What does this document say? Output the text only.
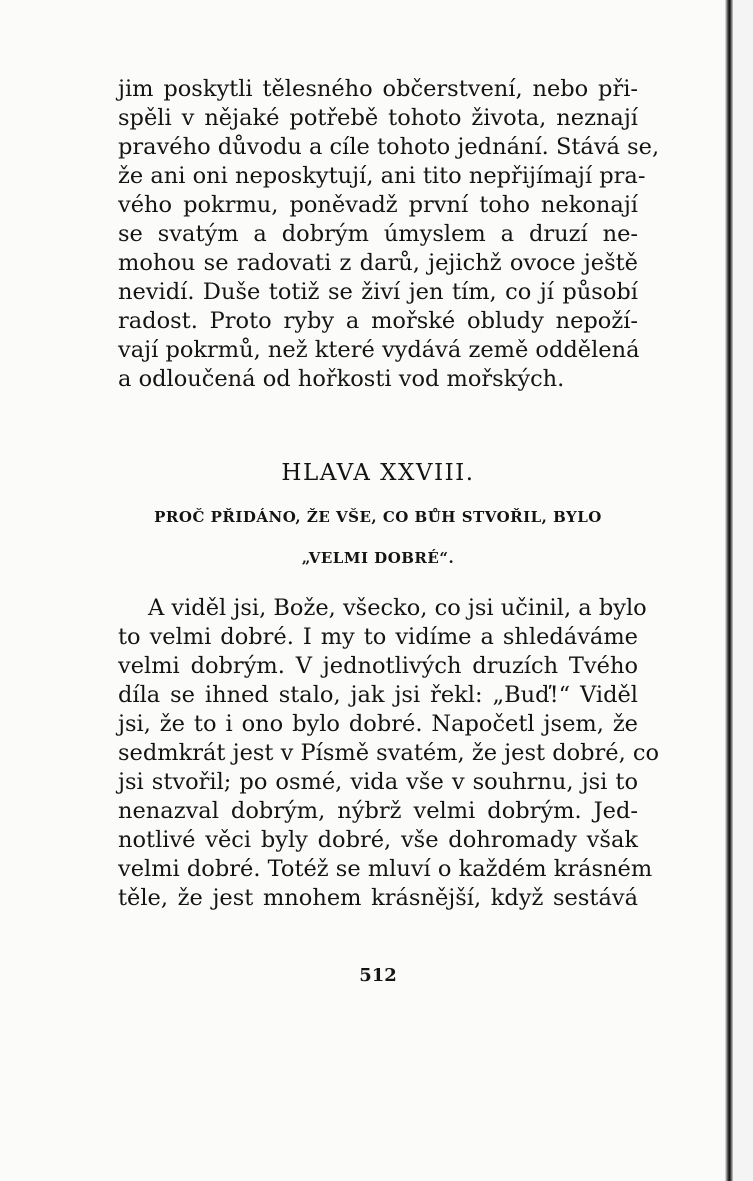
jim poskytli tělesného občerstvení, nebo při-
spěli v nějaké potřebě tohoto života, neznají
pravého důvodu a cíle tohoto jednání. Stává se,
že ani oni neposkytují, ani tito nepřijímají pra-
vého pokrmu, poněvadž první toho nekonají
se svatým a dobrým úmyslem a druzí ne-
mohou se radovati z darů, jejichž ovoce ještě
nevidí. Duše totiž se živí jen tím, co jí působí
radost. Proto ryby a mořské obludy nepoží-
vají pokrmů, než které vydává země oddělená
a odloučená od hořkosti vod mořských.
HLAVA XXVIII.
PROČ PŘIDÁNO, ŽE VŠE, CO BŮH STVOŘIL, BYLO
„VELMI DOBRÉ“.
A viděl jsi, Bože, všecko, co jsi učinil, a bylo
to velmi dobré. I my to vidíme a shledáváme
velmi dobrým. V jednotlivých druzích Tvého
díla se ihned stalo, jak jsi řekl: „Buď!“ Viděl
jsi, že to i ono bylo dobré. Napočetl jsem, že
sedmkrát jest v Písmě svatém, že jest dobré, co
jsi stvořil; po osmé, vida vše v souhrnu, jsi to
nenazval dobrým, nýbrž velmi dobrým. Jed-
notlivé věci byly dobré, vše dohromady však
velmi dobré. Totéž se mluví o každém krásném
těle, že jest mnohem krásnější, když sestává
512
